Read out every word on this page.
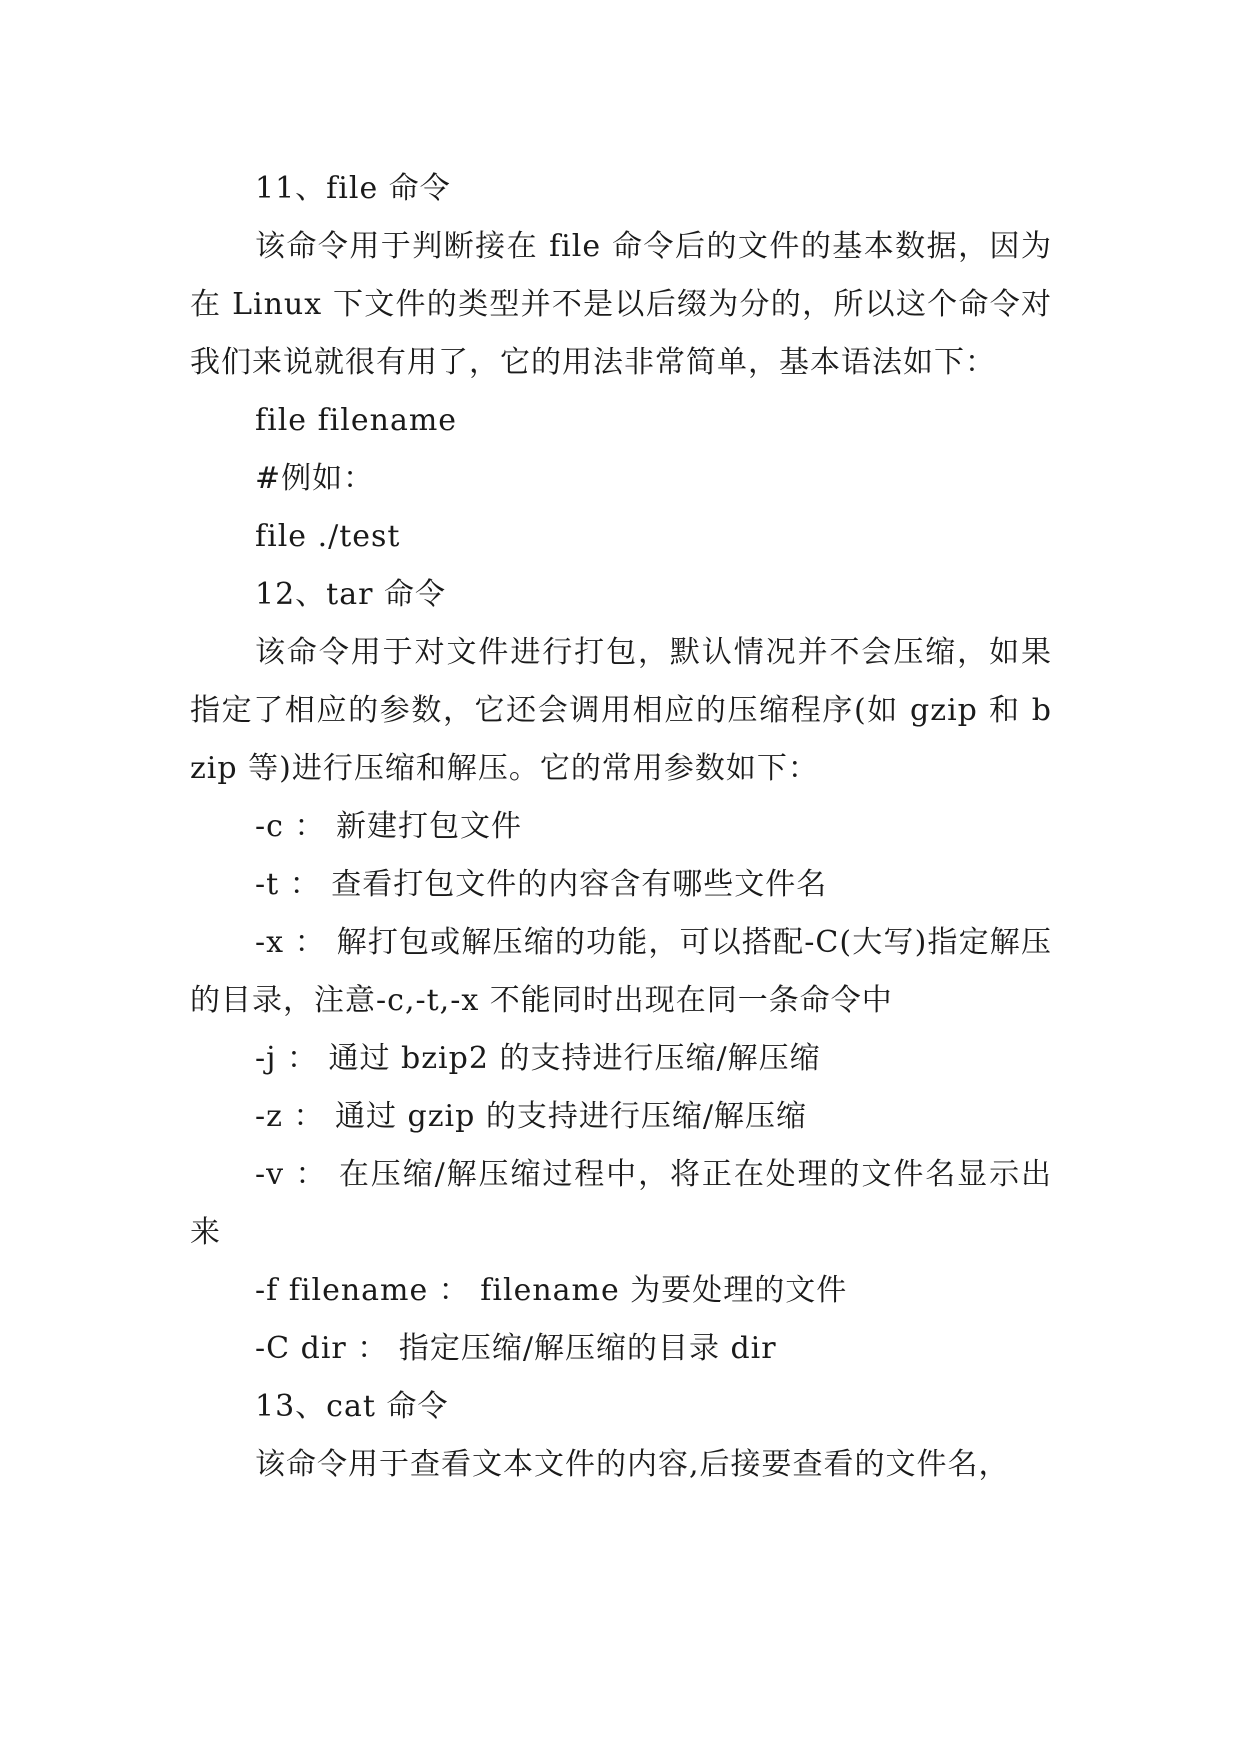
11、file 命令

该命令用于判断接在 file 命令后的文件的基本数据，因为在 Linux 下文件的类型并不是以后缀为分的，所以这个命令对我们来说就很有用了，它的用法非常简单，基本语法如下：

file filename

#例如：

file ./test

12、tar 命令

该命令用于对文件进行打包，默认情况并不会压缩，如果指定了相应的参数，它还会调用相应的压缩程序(如 gzip 和 bzip 等)进行压缩和解压。它的常用参数如下：

-c ： 新建打包文件

-t ： 查看打包文件的内容含有哪些文件名

-x ： 解打包或解压缩的功能，可以搭配-C(大写)指定解压的目录，注意-c,-t,-x 不能同时出现在同一条命令中

-j ： 通过 bzip2 的支持进行压缩/解压缩

-z ： 通过 gzip 的支持进行压缩/解压缩

-v ： 在压缩/解压缩过程中，将正在处理的文件名显示出来

-f filename ： filename 为要处理的文件

-C dir ： 指定压缩/解压缩的目录 dir

13、cat 命令

该命令用于查看文本文件的内容,后接要查看的文件名，
